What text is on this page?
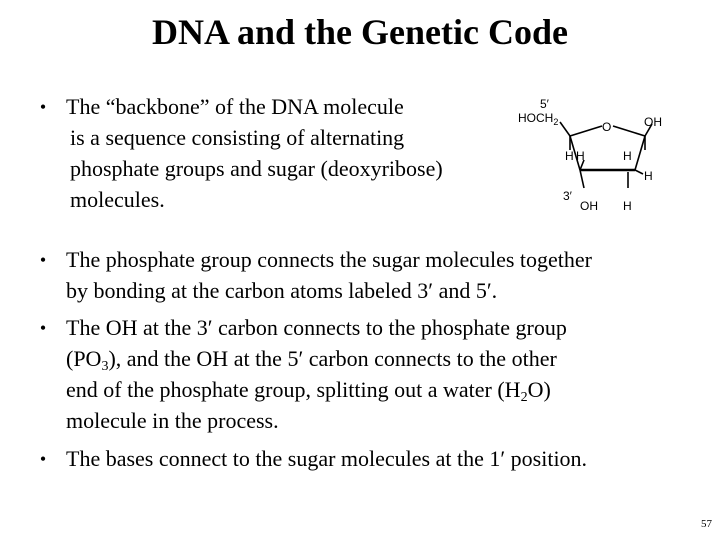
DNA and the Genetic Code
• The “backbone” of the DNA molecule
is a sequence consisting of alternating
phosphate groups and sugar (deoxyribose)
molecules.
• The phosphate group connects the sugar molecules together
by bonding at the carbon atoms labeled 3′ and 5′.
• The OH at the 3′ carbon connects to the phosphate group
$(PO_3)$, and the OH at the 5′ carbon connects to the other
end of the phosphate group, splitting out a water $(H_2O)$
molecule in the process.
• The bases connect to the sugar molecules at the 1′ position.
5′
$HOCH_2$	O	OH
H	H
H
H
3′
OH H
57
